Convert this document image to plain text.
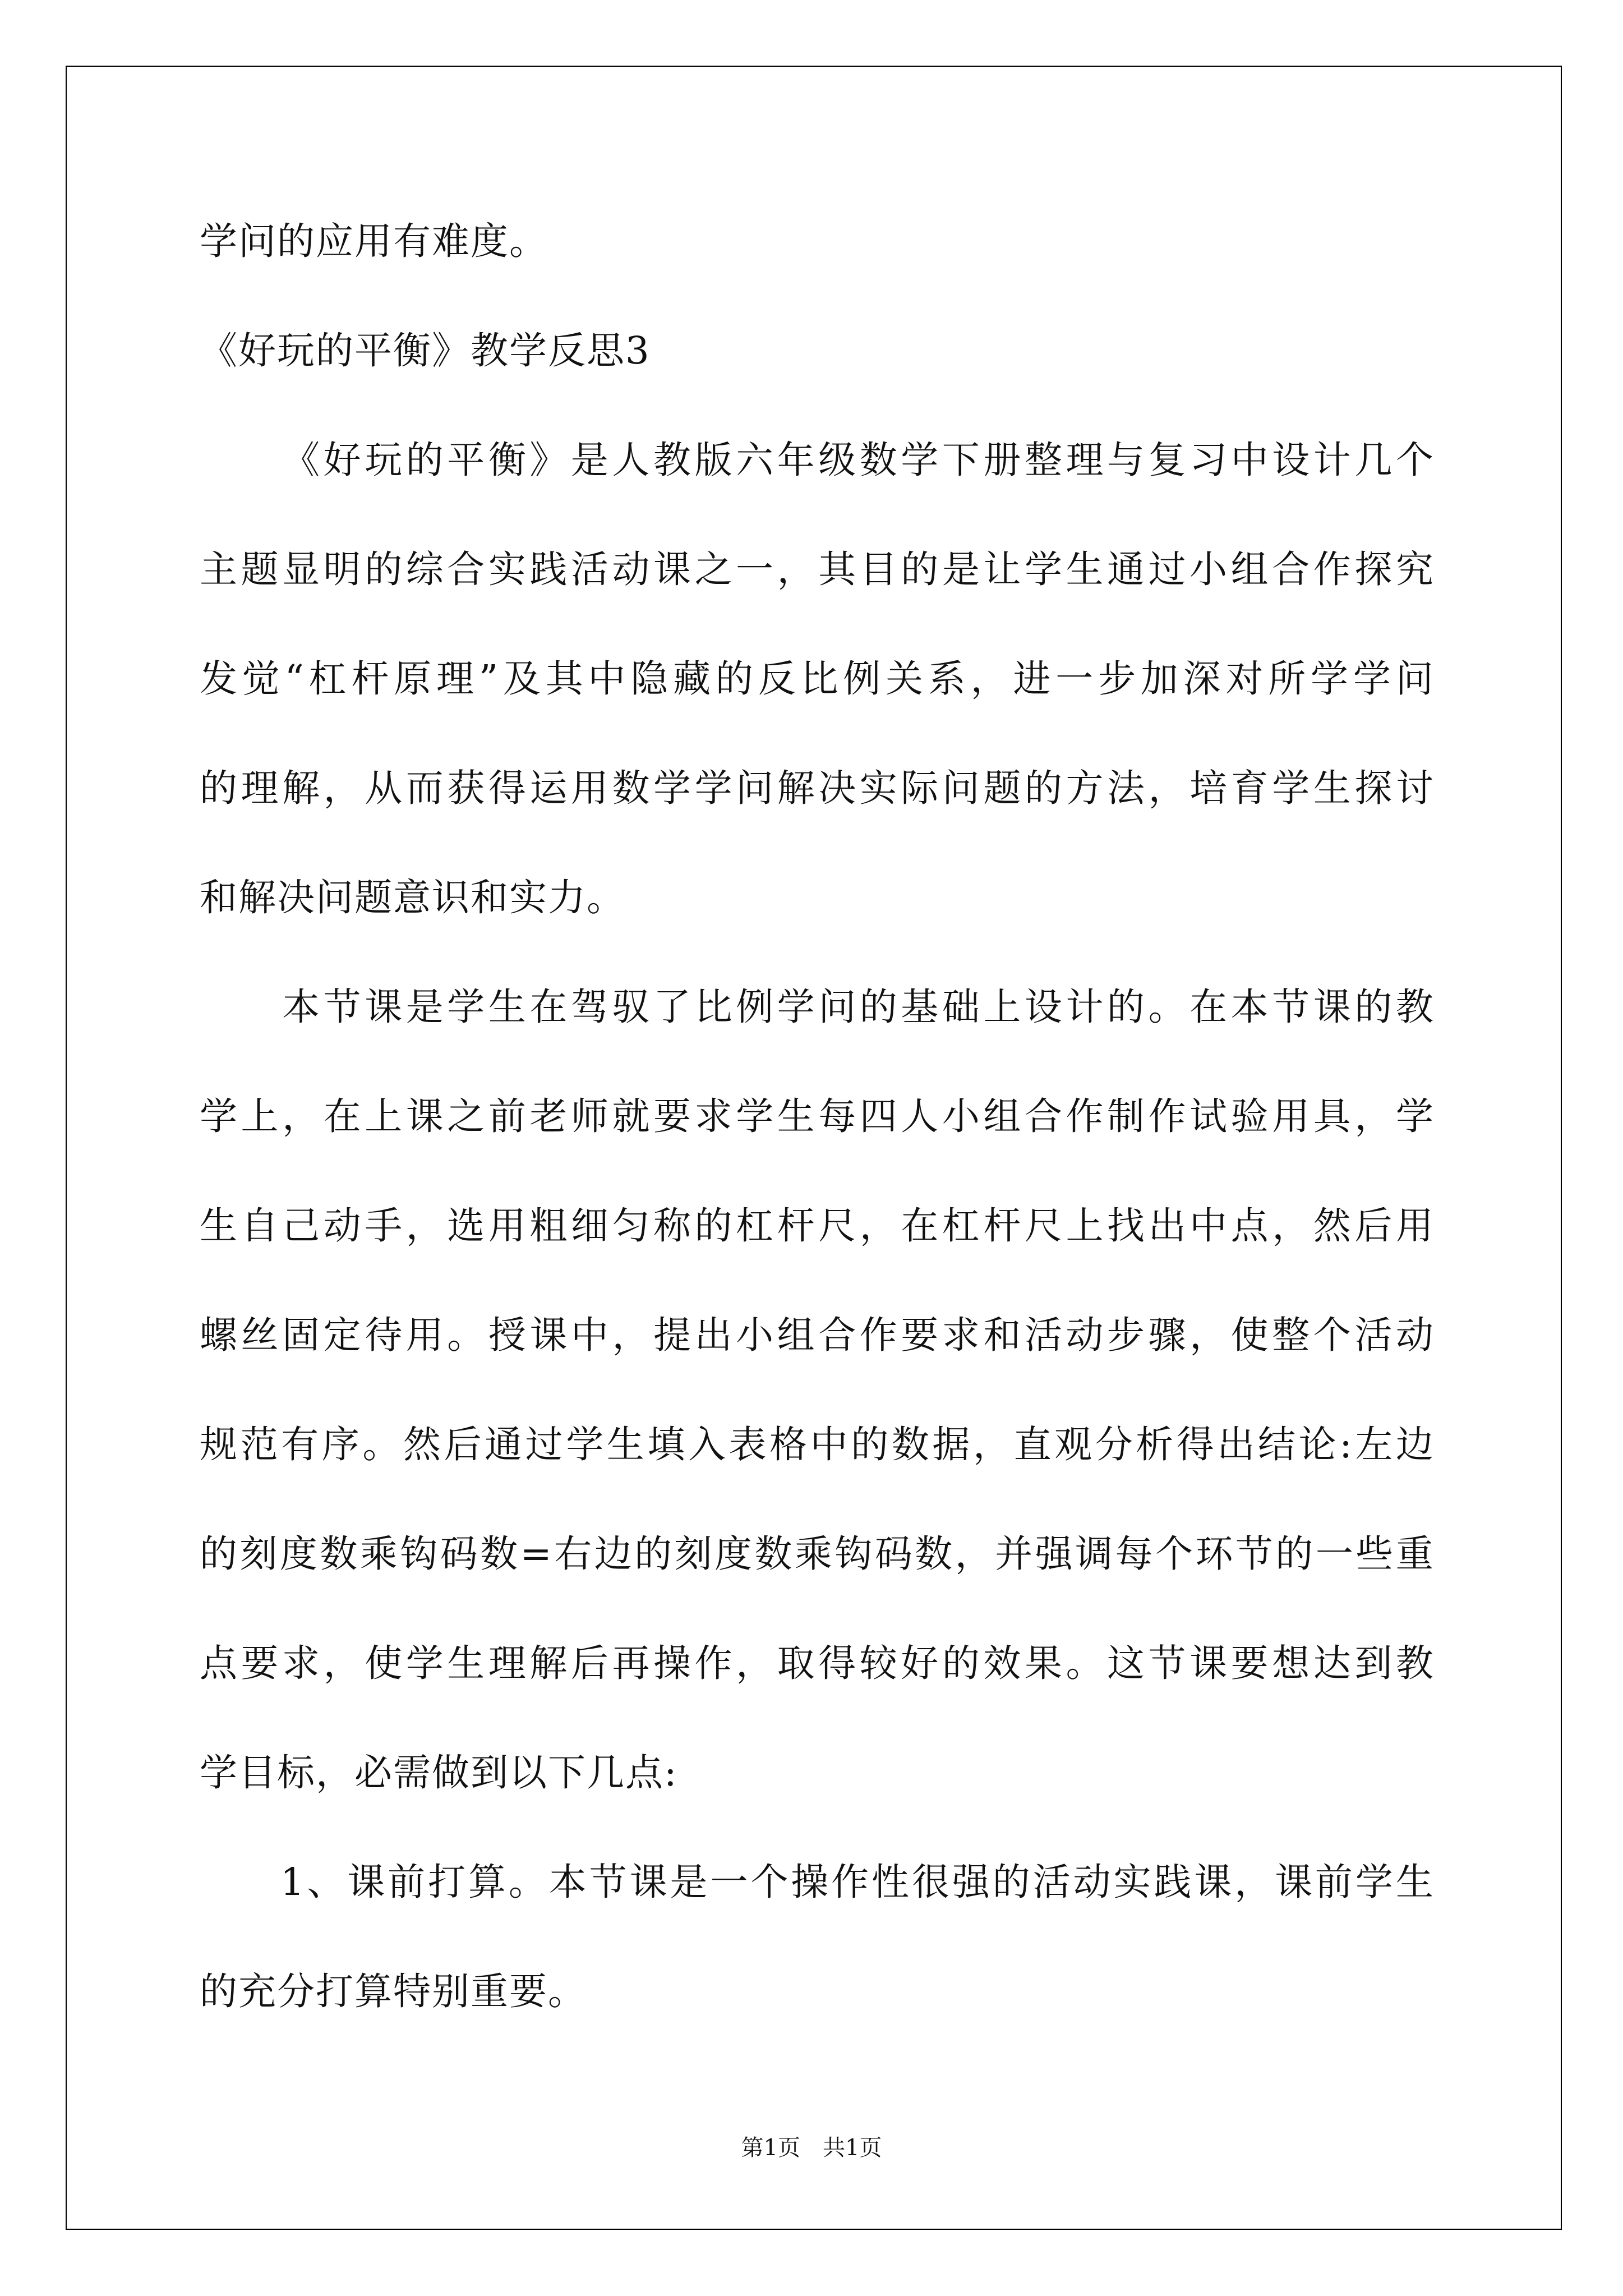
学问的应用有难度。
《好玩的平衡》教学反思3

《 好 玩 的 平 衡 》 是 人 教 版 六 年 级 数 学 下 册 整 理 与 复 习 中 设 计 几 个
主 题 显 明 的 综 合 实 践 活 动 课 之 一 ， 其 目 的 是 让 学 生 通 过 小 组 合 作 探 究
发 觉 “ 杠 杆 原 理 ” 及 其 中 隐 藏 的 反 比 例 关 系 ， 进 一 步 加 深 对 所 学 学 问
的 理 解 ， 从 而 获 得 运 用 数 学 学 问 解 决 实 际 问 题 的 方 法 ， 培 育 学 生 探 讨
和解决问题意识和实力。

本 节 课 是 学 生 在 驾 驭 了 比 例 学 问 的 基 础 上 设 计 的 。 在 本 节 课 的 教
学 上 ， 在 上 课 之 前 老 师 就 要 求 学 生 每 四 人 小 组 合 作 制 作 试 验 用 具 ， 学
生 自 己 动 手 ， 选 用 粗 细 匀 称 的 杠 杆 尺 ， 在 杠 杆 尺 上 找 出 中 点 ， 然 后 用
螺 丝 固 定 待 用 。 授 课 中 ， 提 出 小 组 合 作 要 求 和 活 动 步 骤 ， 使 整 个 活 动
规 范 有 序 。 然 后 通 过 学 生 填 入 表 格 中 的 数 据 ， 直 观 分 析 得 出 结 论 : 左 边
的 刻 度 数 乘 钩 码 数 = 右 边 的 刻 度 数 乘 钩 码 数 ， 并 强 调 每 个 环 节 的 一 些 重
点 要 求 ， 使 学 生 理 解 后 再 操 作 ， 取 得 较 好 的 效 果 。 这 节 课 要 想 达 到 教
学目标，必需做到以下几点:

1 、 课 前 打 算 。 本 节 课 是 一 个 操 作 性 很 强 的 活 动 实 践 课 ， 课 前 学 生
的充分打算特别重要。
第1页　共1页
